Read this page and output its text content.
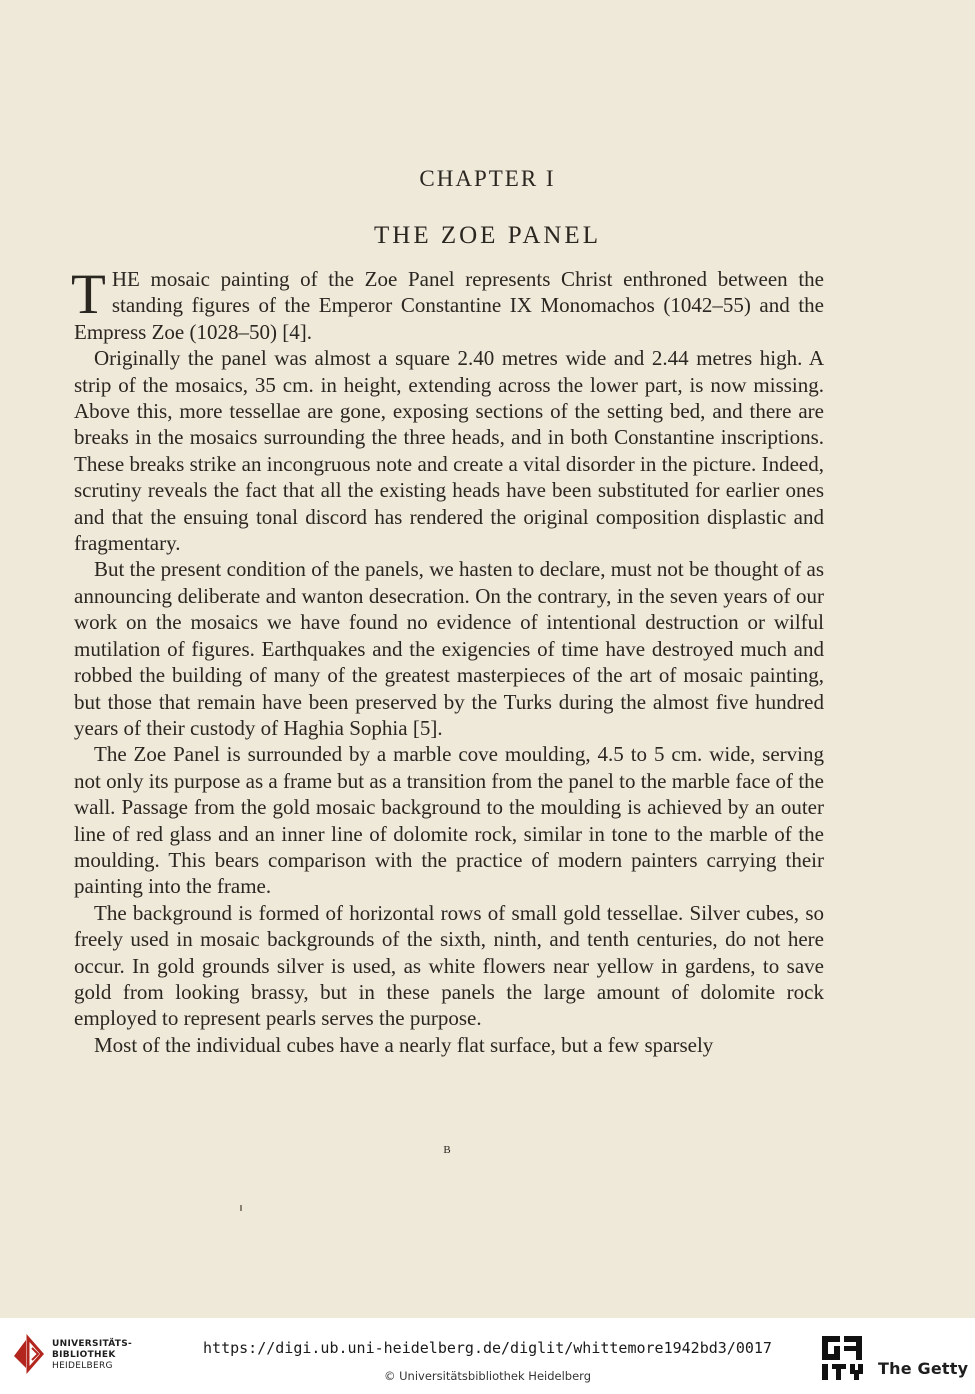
CHAPTER I
THE ZOE PANEL

THE mosaic painting of the Zoe Panel represents Christ enthroned between the standing figures of the Emperor Constantine IX Monomachos (1042–55) and the Empress Zoe (1028–50) [4].

Originally the panel was almost a square 2.40 metres wide and 2.44 metres high. A strip of the mosaics, 35 cm. in height, extending across the lower part, is now missing. Above this, more tessellae are gone, exposing sections of the setting bed, and there are breaks in the mosaics surrounding the three heads, and in both Constantine inscriptions. These breaks strike an incongruous note and create a vital disorder in the picture. Indeed, scrutiny reveals the fact that all the existing heads have been substituted for earlier ones and that the ensuing tonal discord has rendered the original composition displastic and fragmentary.

But the present condition of the panels, we hasten to declare, must not be thought of as announcing deliberate and wanton desecration. On the contrary, in the seven years of our work on the mosaics we have found no evidence of intentional destruction or wilful mutilation of figures. Earthquakes and the exigencies of time have destroyed much and robbed the building of many of the greatest masterpieces of the art of mosaic painting, but those that remain have been preserved by the Turks during the almost five hundred years of their custody of Haghia Sophia [5].

The Zoe Panel is surrounded by a marble cove moulding, 4.5 to 5 cm. wide, serving not only its purpose as a frame but as a transition from the panel to the marble face of the wall. Passage from the gold mosaic background to the moulding is achieved by an outer line of red glass and an inner line of dolomite rock, similar in tone to the marble of the moulding. This bears comparison with the practice of modern painters carrying their painting into the frame.

The background is formed of horizontal rows of small gold tessellae. Silver cubes, so freely used in mosaic backgrounds of the sixth, ninth, and tenth centuries, do not here occur. In gold grounds silver is used, as white flowers near yellow in gardens, to save gold from looking brassy, but in these panels the large amount of dolomite rock employed to represent pearls serves the purpose.

Most of the individual cubes have a nearly flat surface, but a few sparsely

B
UNIVERSITÄTS-
BIBLIOTHEK
HEIDELBERG
https://digi.ub.uni-heidelberg.de/diglit/whittemore1942bd3/0017
© Universitätsbibliothek Heidelberg	The Getty
